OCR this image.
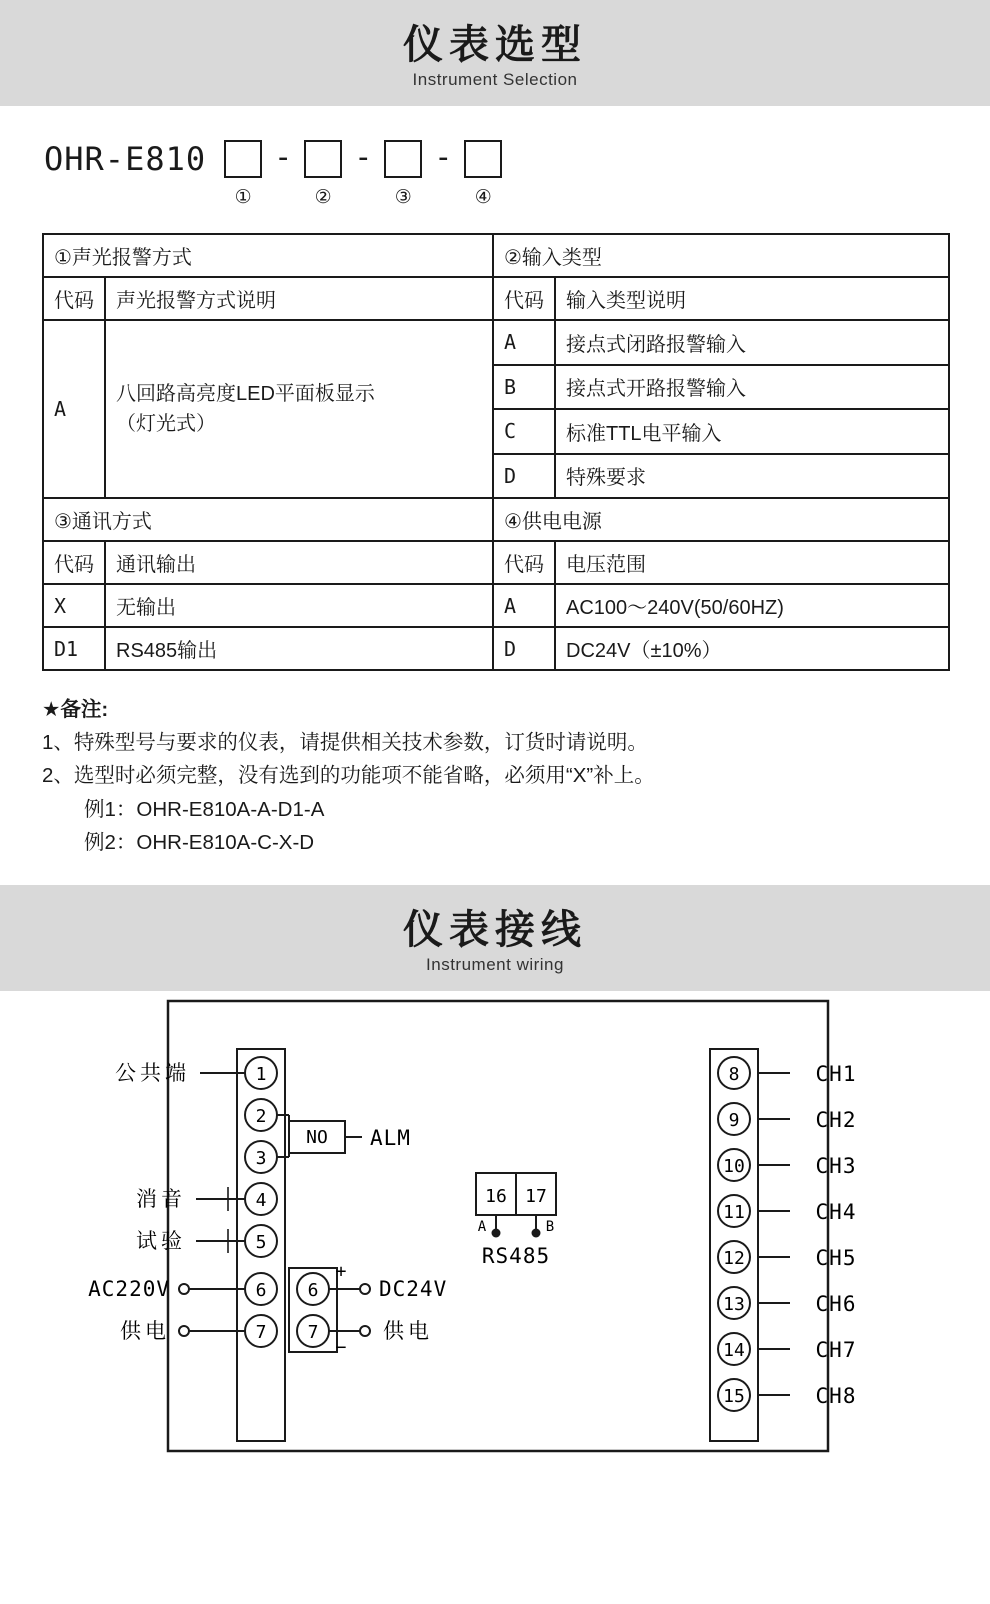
仪表选型
Instrument Selection
OHR-E810
①
-
②
-
③
-
④
①声光报警方式		②输入类型	
代码	声光报警方式说明	代码	输入类型说明
A	八回路高亮度LED平面板显示
（灯光式）	A	接点式闭路报警输入
		B	接点式开路报警输入
		C	标准TTL电平输入
		D	特殊要求
③通讯方式		④供电电源	
代码	通讯输出	代码	电压范围
X	无输出	A	AC100～240V(50/60HZ)
D1	RS485输出	D	DC24V（±10%）
★备注:
1、特殊型号与要求的仪表，请提供相关技术参数，订货时请说明。
2、选型时必须完整，没有选到的功能项不能省略，必须用“X”补上。
例1：OHR-E810A-A-D1-A
例2：OHR-E810A-C-X-D
仪表接线
Instrument wiring
1
2
3
4
5
6
7
公共端
消音
试验
AC220V
供电
6
7
+
−
DC24V
供电
NO ALM
16 17
A	B
RS485
8	CH1
9	CH2
10	CH3
11	CH4
12	CH5
13	CH6
14	CH7
15	CH8
